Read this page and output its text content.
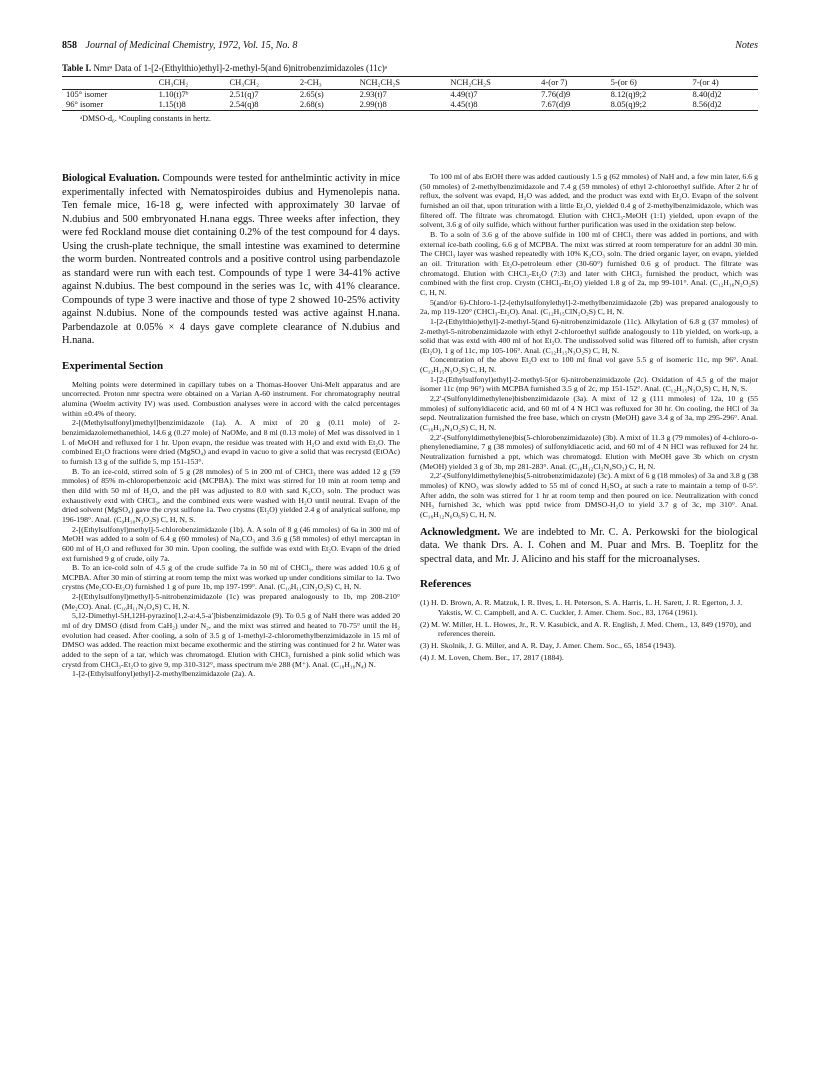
858 Journal of Medicinal Chemistry, 1972, Vol. 15, No. 8	Notes
Table I. Nmrᵃ Data of 1-[2-(Ethylthio)ethyl]-2-methyl-5(and 6)nitrobenzimidazoles (11c)ᵃ
	CH₃CH₂	CH₃CH₂	2-CH₃	NCH₂CH₂S	NCH₂CH₂S	4-(or 7)	5-(or 6)	7-(or 4)
105° isomer	1.10(t)7ᵇ	2.51(q)7	2.65(s)	2.93(t)7	4.49(t)7	7.76(d)9	8.12(q)9;2	8.40(d)2
96° isomer	1.15(t)8	2.54(q)8	2.68(s)	2.99(t)8	4.45(t)8	7.67(d)9	8.05(q)9;2	8.56(d)2
ᵃDMSO-d₆. ᵇCoupling constants in hertz.

Biological Evaluation. Compounds were tested for anthelmintic activity in mice experimentally infected with Nematospiroides dubius and Hymenolepis nana. Ten female mice, 16-18 g, were infected with approximately 30 larvae of N.dubius and 500 embryonated H.nana eggs. Three weeks after infection, they were fed Rockland mouse diet containing 0.2% of the test compound for 4 days. Using the crush-plate technique, the small intestine was examined to determine the worm burden. Nontreated controls and a positive control using parbendazole as standard were run with each test. Compounds of type 1 were 34-41% active against N.dubius. The best compound in the series was 1c, with 41% clearance. Compounds of type 3 were inactive and those of type 2 showed 10-25% activity against N.dubius. None of the compounds tested was active against H.nana. Parbendazole at 0.05% × 4 days gave complete clearance of N.dubius and H.nana.

Experimental Section

Melting points were determined in capillary tubes on a Thomas-Hoover Uni-Melt apparatus and are uncorrected. Proton nmr spectra were obtained on a Varian A-60 instrument. For chromatography neutral alumina (Woelm activity IV) was used. Combustion analyses were in accord with the calcd percentages within ±0.4% of theory.

2-[(Methylsulfonyl)methyl]benzimidazole (1a). A. A mixt of 20 g (0.11 mole) of 2-benzimidazolemethanethiol, 14.6 g (0.27 mole) of NaOMe, and 8 ml (0.13 mole) of MeI was dissolved in 1 l. of MeOH and refluxed for 1 hr. Upon evapn, the residue was treated with H₂O and extd with Et₂O. The combined Et₂O fractions were dried (MgSO₄) and evapd in vacuo to give a solid that was recrystd (EtOAc) to furnish 13 g of the sulfide 5, mp 151-153°.

B. To an ice-cold, stirred soln of 5 g (28 mmoles) of 5 in 200 ml of CHCl₃ there was added 12 g (59 mmoles) of 85% m-chloroperbenzoic acid (MCPBA). The mixt was stirred for 10 min at room temp and then dild with 50 ml of H₂O, and the pH was adjusted to 8.0 with satd K₂CO₃ soln. The product was exhaustively extd with CHCl₃, and the combined exts were washed with H₂O until neutral. Evapn of the dried solvent (MgSO₄) gave the cryst sulfone 1a. Two crystns (Et₂O) yielded 2.4 g of analytical sulfone, mp 196-198°. Anal. (C₉H₁₀N₂O₂S) C, H, N, S.

2-[(Ethylsulfonyl)methyl]-5-chlorobenzimidazole (1b). A. A soln of 8 g (46 mmoles) of 6a in 300 ml of MeOH was added to a soln of 6.4 g (60 mmoles) of Na₂CO₃ and 3.6 g (58 mmoles) of ethyl mercaptan in 600 ml of H₂O and refluxed for 30 min. Upon cooling, the sulfide was extd with Et₂O. Evapn of the dried ext furnished 9 g of crude, oily 7a.

B. To an ice-cold soln of 4.5 g of the crude sulfide 7a in 50 ml of CHCl₃, there was added 10.6 g of MCPBA. After 30 min of stirring at room temp the mixt was worked up under conditions similar to 1a. Two crystns (Me₂CO-Et₂O) furnished 1 g of pure 1b, mp 197-199°. Anal. (C₁₀H₁₁ClN₂O₂S) C, H, N.

2-[(Ethylsulfonyl)methyl]-5-nitrobenzimidazole (1c) was prepared analogously to 1b, mp 208-210° (Me₂CO). Anal. (C₁₀H₁₁N₃O₄S) C, H, N.

5,12-Dimethyl-5H,12H-pyrazino[1,2-a:4,5-a′]bisbenzimidazole (9). To 0.5 g of NaH there was added 20 ml of dry DMSO (distd from CaH₂) under N₂, and the mixt was stirred and heated to 70-75° until the H₂ evolution had ceased. After cooling, a soln of 3.5 g of 1-methyl-2-chloromethylbenzimidazole in 15 ml of DMSO was added. The reaction mixt became exothermic and the stirring was continued for 2 hr. Water was added to the sepn of a tar, which was chromatogd. Elution with CHCl₃ furnished a pink solid which was crystd from CHCl₃-Et₂O to give 9, mp 310-312°, mass spectrum m/e 288 (M⁺). Anal. (C₁₈H₁₆N₄) N.

1-[2-(Ethylsulfonyl)ethyl]-2-methylbenzimidazole (2a). A.

To 100 ml of abs EtOH there was added cautiously 1.5 g (62 mmoles) of NaH and, a few min later, 6.6 g (50 mmoles) of 2-methylbenzimidazole and 7.4 g (59 mmoles) of ethyl 2-chloroethyl sulfide. After 2 hr of reflux, the solvent was evapd, H₂O was added, and the product was extd with Et₂O. Evapn of the solvent furnished an oil that, upon trituration with a little Et₂O, yielded 0.4 g of 2-methylbenzimidazole, which was filtered off. The filtrate was chromatogd. Elution with CHCl₃-MeOH (1:1) yielded, upon evapn of the solvent, 3.6 g of oily sulfide, which without further purification was used in the oxidation step below.

B. To a soln of 3.6 g of the above sulfide in 100 ml of CHCl₃ there was added in portions, and with external ice-bath cooling, 6.6 g of MCPBA. The mixt was stirred at room temperature for an addnl 30 min. The CHCl₃ layer was washed repeatedly with 10% K₂CO₃ soln. The dried organic layer, on evapn, yielded an oil. Trituration with Et₂O-petroleum ether (30-60°) furnished 0.6 g of product. The filtrate was chromatogd. Elution with CHCl₃-Et₂O (7:3) and later with CHCl₃ furnished the product, which was combined with the first crop. Crystn (CHCl₃-Et₂O) yielded 1.8 g of 2a, mp 99-101°. Anal. (C₁₂H₁₆N₂O₂S) C, H, N.

5(and/or 6)-Chloro-1-[2-(ethylsulfonylethyl]-2-methylbenzimidazole (2b) was prepared analogously to 2a, mp 119-120° (CHCl₃-Et₂O). Anal. (C₁₂H₁₅ClN₂O₂S) C, H, N.

1-[2-(Ethylthio)ethyl]-2-methyl-5(and 6)-nitrobenzimidazole (11c). Alkylation of 6.8 g (37 mmoles) of 2-methyl-5-nitrobenzimidazole with ethyl 2-chloroethyl sulfide analogously to 11b yielded, on work-up, a solid that was extd with 400 ml of hot Et₂O. The undissolved solid was filtered off to furnish, after crystn (Et₂O), 1 g of 11c, mp 105-106°. Anal. (C₁₂H₁₅N₃O₂S) C, H, N.

Concentration of the above Et₂O ext to 100 ml final vol gave 5.5 g of isomeric 11c, mp 96°. Anal. (C₁₂H₁₅N₃O₂S) C, H, N.

1-[2-(Ethylsulfonyl)ethyl]-2-methyl-5(or 6)-nitrobenzimidazole (2c). Oxidation of 4.5 g of the major isomer 11c (mp 96°) with MCPBA furnished 3.5 g of 2c, mp 151-152°. Anal. (C₁₂H₁₅N₃O₄S) C, H, N, S.

2,2′-(Sulfonyldimethylene)bisbenzimidazole (3a). A mixt of 12 g (111 mmoles) of 12a, 10 g (55 mmoles) of sulfonyldiacetic acid, and 60 ml of 4 N HCl was refluxed for 30 hr. On cooling, the HCl of 3a sepd. Neutralization furnished the free base, which on crystn (MeOH) gave 3.4 g of 3a, mp 295-296°. Anal. (C₁₆H₁₄N₄O₂S) C, H, N.

2,2′-(Sulfonyldimethylene)bis(5-chlorobenzimidazole) (3b). A mixt of 11.3 g (79 mmoles) of 4-chloro-o-phenylenediamine, 7 g (38 mmoles) of sulfonyldiacetic acid, and 60 ml of 4 N HCl was refluxed for 24 hr. Neutralization furnished a ppt, which was chromatogd. Elution with MeOH gave 3b which on crystn (MeOH) yielded 3 g of 3b, mp 281-283°. Anal. (C₁₆H₁₂Cl₂N₄SO₂) C, H, N.

2,2′-(Sulfonyldimethylene)bis(5-nitrobenzimidazole) (3c). A mixt of 6 g (18 mmoles) of 3a and 3.8 g (38 mmoles) of KNO₃ was slowly added to 55 ml of concd H₂SO₄ at such a rate to maintain a temp of 0-5°. After addn, the soln was stirred for 1 hr at room temp and then poured on ice. Neutralization with concd NH₃ furnished 3c, which was pptd twice from DMSO-H₂O to yield 3.7 g of 3c, mp 310°. Anal. (C₁₆H₁₂N₆O₆S) C, H, N.

Acknowledgment. We are indebted to Mr. C. A. Perkowski for the biological data. We thank Drs. A. I. Cohen and M. Puar and Mrs. B. Toeplitz for the spectral data, and Mr. J. Alicino and his staff for the microanalyses.

References

(1) H. D. Brown, A. R. Matzuk, I. R. Ilves, L. H. Peterson, S. A. Harris, L. H. Sarett, J. R. Egerton, J. J. Yakstis, W. C. Campbell, and A. C. Cuckler, J. Amer. Chem. Soc., 83, 1764 (1961).

(2) M. W. Miller, H. L. Howes, Jr., R. V. Kasubick, and A. R. English, J. Med. Chem., 13, 849 (1970), and references therein.

(3) H. Skolnik, J. G. Miller, and A. R. Day, J. Amer. Chem. Soc., 65, 1854 (1943).

(4) J. M. Loven, Chem. Ber., 17, 2817 (1884).
